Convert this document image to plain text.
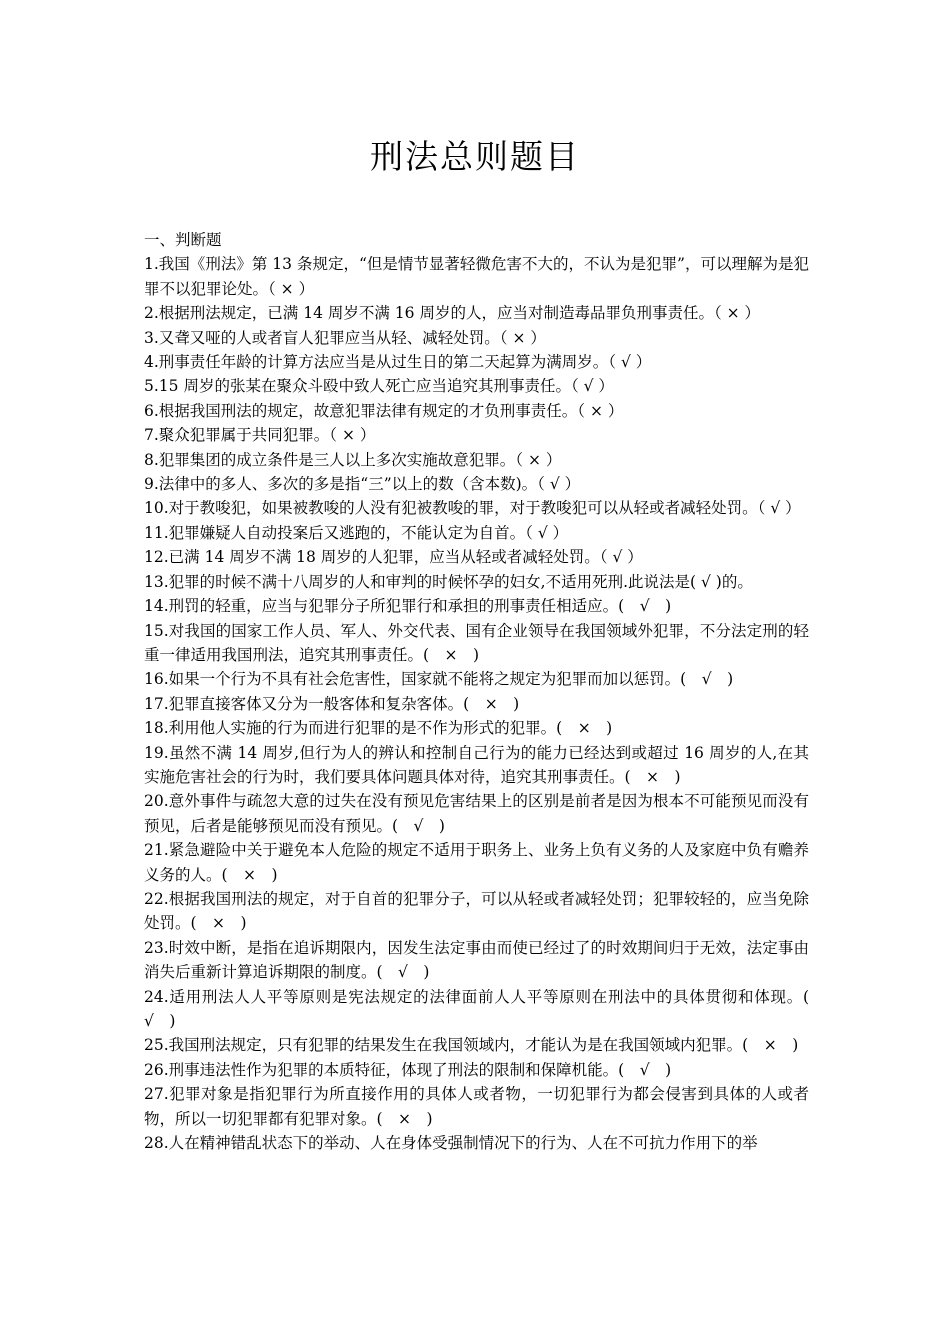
刑法总则题目

一、判断题

1.我国《刑法》第 13 条规定，“但是情节显著轻微危害不大的，不认为是犯罪”，可以理解为是犯罪不以犯罪论处。（ × ）
2.根据刑法规定，已满 14 周岁不满 16 周岁的人，应当对制造毒品罪负刑事责任。（ × ）
3.又聋又哑的人或者盲人犯罪应当从轻、减轻处罚。（ × ）
4.刑事责任年龄的计算方法应当是从过生日的第二天起算为满周岁。（ √ ）
5.15 周岁的张某在聚众斗殴中致人死亡应当追究其刑事责任。（ √ ）
6.根据我国刑法的规定，故意犯罪法律有规定的才负刑事责任。（ × ）
7.聚众犯罪属于共同犯罪。（ × ）
8.犯罪集团的成立条件是三人以上多次实施故意犯罪。（ × ）
9.法律中的多人、多次的多是指“三”以上的数（含本数)。（ √ ）
10.对于教唆犯，如果被教唆的人没有犯被教唆的罪，对于教唆犯可以从轻或者减轻处罚。（ √ ）
11.犯罪嫌疑人自动投案后又逃跑的，不能认定为自首。（ √ ）
12.已满 14 周岁不满 18 周岁的人犯罪，应当从轻或者减轻处罚。（ √ ）
13.犯罪的时候不满十八周岁的人和审判的时候怀孕的妇女,不适用死刑.此说法是( √ )的。
14.刑罚的轻重，应当与犯罪分子所犯罪行和承担的刑事责任相适应。(　√　)
15.对我国的国家工作人员、军人、外交代表、国有企业领导在我国领域外犯罪，不分法定刑的轻重一律适用我国刑法，追究其刑事责任。(　×　)
16.如果一个行为不具有社会危害性，国家就不能将之规定为犯罪而加以惩罚。(　√　)
17.犯罪直接客体又分为一般客体和复杂客体。(　×　)
18.利用他人实施的行为而进行犯罪的是不作为形式的犯罪。(　×　)
19.虽然不满 14 周岁,但行为人的辨认和控制自己行为的能力已经达到或超过 16 周岁的人,在其实施危害社会的行为时，我们要具体问题具体对待，追究其刑事责任。(　×　)
20.意外事件与疏忽大意的过失在没有预见危害结果上的区别是前者是因为根本不可能预见而没有预见，后者是能够预见而没有预见。(　√　)
21.紧急避险中关于避免本人危险的规定不适用于职务上、业务上负有义务的人及家庭中负有赡养义务的人。(　×　)
22.根据我国刑法的规定，对于自首的犯罪分子，可以从轻或者减轻处罚；犯罪较轻的，应当免除处罚。(　×　)
23.时效中断，是指在追诉期限内，因发生法定事由而使已经过了的时效期间归于无效，法定事由消失后重新计算追诉期限的制度。(　√　)
24.适用刑法人人平等原则是宪法规定的法律面前人人平等原则在刑法中的具体贯彻和体现。(　√　)
25.我国刑法规定，只有犯罪的结果发生在我国领域内，才能认为是在我国领域内犯罪。(　×　)
26.刑事违法性作为犯罪的本质特征，体现了刑法的限制和保障机能。(　√　)
27.犯罪对象是指犯罪行为所直接作用的具体人或者物，一切犯罪行为都会侵害到具体的人或者物，所以一切犯罪都有犯罪对象。(　×　)
28.人在精神错乱状态下的举动、人在身体受强制情况下的行为、人在不可抗力作用下的举
